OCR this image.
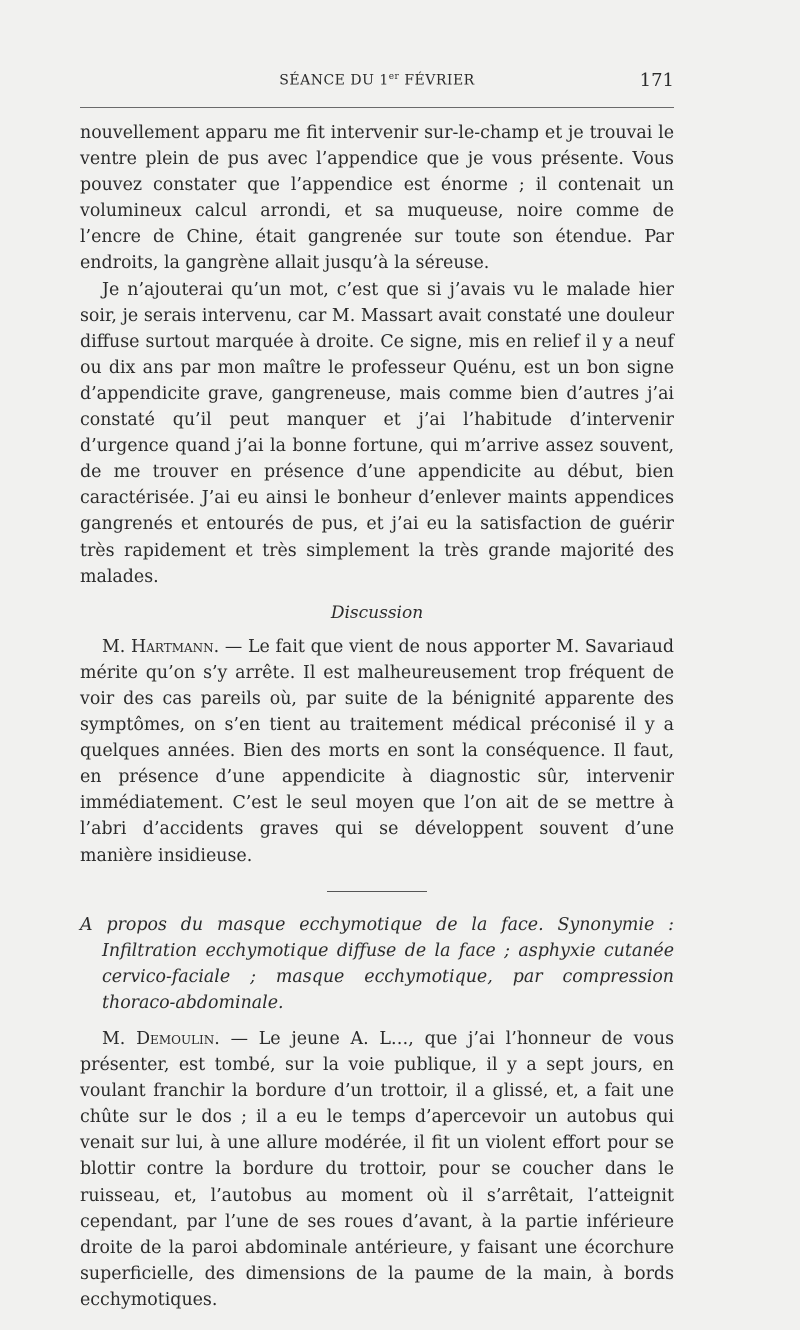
SÉANCE DU 1er FÉVRIER	171

nouvellement apparu me fit intervenir sur-le-champ et je trouvai le ventre plein de pus avec l’appendice que je vous présente. Vous pouvez constater que l’appendice est énorme ; il contenait un volumineux calcul arrondi, et sa muqueuse, noire comme de l’encre de Chine, était gangrenée sur toute son étendue. Par endroits, la gangrène allait jusqu’à la séreuse.

Je n’ajouterai qu’un mot, c’est que si j’avais vu le malade hier soir, je serais intervenu, car M. Massart avait constaté une douleur diffuse surtout marquée à droite. Ce signe, mis en relief il y a neuf ou dix ans par mon maître le professeur Quénu, est un bon signe d’appendicite grave, gangreneuse, mais comme bien d’autres j’ai constaté qu’il peut manquer et j’ai l’habitude d’intervenir d’urgence quand j’ai la bonne fortune, qui m’arrive assez souvent, de me trouver en présence d’une appendicite au début, bien caractérisée. J’ai eu ainsi le bonheur d’enlever maints appendices gangrenés et entourés de pus, et j’ai eu la satisfaction de guérir très rapidement et très simplement la très grande majorité des malades.

Discussion

M. Hartmann. — Le fait que vient de nous apporter M. Savariaud mérite qu’on s’y arrête. Il est malheureusement trop fréquent de voir des cas pareils où, par suite de la bénignité apparente des symptômes, on s’en tient au traitement médical préconisé il y a quelques années. Bien des morts en sont la conséquence. Il faut, en présence d’une appendicite à diagnostic sûr, intervenir immédiatement. C’est le seul moyen que l’on ait de se mettre à l’abri d’accidents graves qui se développent souvent d’une manière insidieuse.

A propos du masque ecchymotique de la face. Synonymie : Infiltration ecchymotique diffuse de la face ; asphyxie cutanée cervico-faciale ; masque ecchymotique, par compression thoraco-abdominale.

M. Demoulin. — Le jeune A. L…, que j’ai l’honneur de vous présenter, est tombé, sur la voie publique, il y a sept jours, en voulant franchir la bordure d’un trottoir, il a glissé, et, a fait une chûte sur le dos ; il a eu le temps d’apercevoir un autobus qui venait sur lui, à une allure modérée, il fit un violent effort pour se blottir contre la bordure du trottoir, pour se coucher dans le ruisseau, et, l’autobus au moment où il s’arrêtait, l’atteignit cependant, par l’une de ses roues d’avant, à la partie inférieure droite de la paroi abdominale antérieure, y faisant une écorchure superficielle, des dimensions de la paume de la main, à bords ecchymotiques.
